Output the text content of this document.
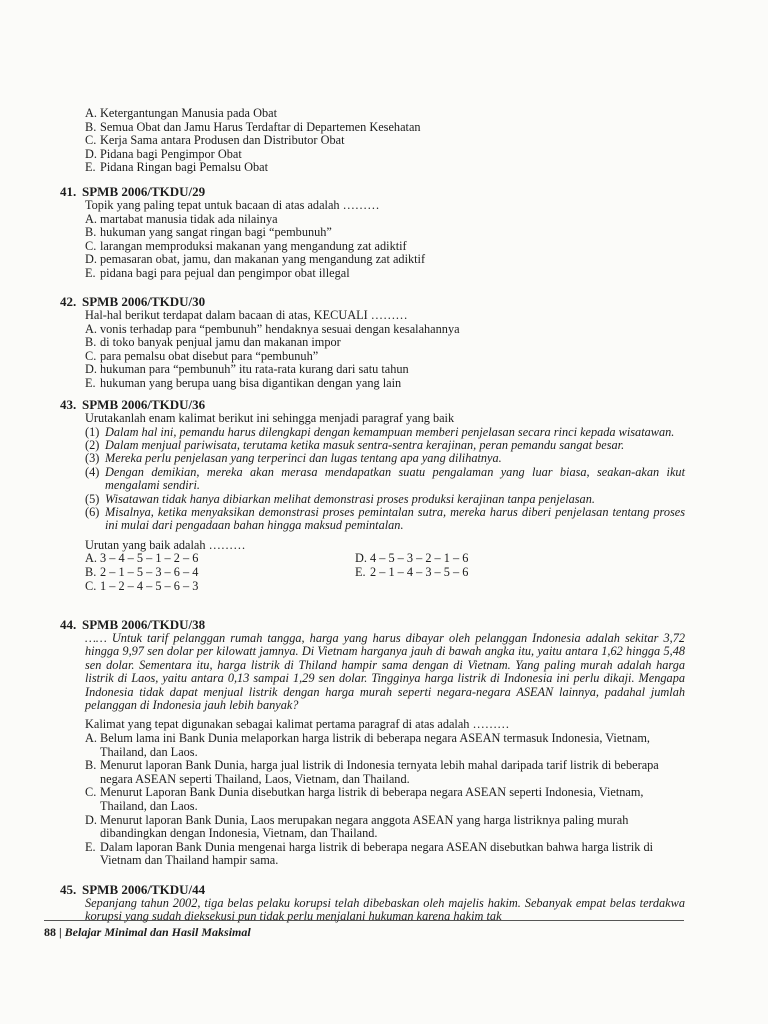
A. Ketergantungan Manusia pada Obat
B. Semua Obat dan Jamu Harus Terdaftar di Departemen Kesehatan
C. Kerja Sama antara Produsen dan Distributor Obat
D. Pidana bagi Pengimpor Obat
E. Pidana Ringan bagi Pemalsu Obat
41. SPMB 2006/TKDU/29
Topik yang paling tepat untuk bacaan di atas adalah ………
A. martabat manusia tidak ada nilainya
B. hukuman yang sangat ringan bagi “pembunuh”
C. larangan memproduksi makanan yang mengandung zat adiktif
D. pemasaran obat, jamu, dan makanan yang mengandung zat adiktif
E. pidana bagi para pejual dan pengimpor obat illegal
42. SPMB 2006/TKDU/30
Hal-hal berikut terdapat dalam bacaan di atas, KECUALI ………
A. vonis terhadap para “pembunuh” hendaknya sesuai dengan kesalahannya
B. di toko banyak penjual jamu dan makanan impor
C. para pemalsu obat disebut para “pembunuh”
D. hukuman para “pembunuh” itu rata-rata kurang dari satu tahun
E. hukuman yang berupa uang bisa digantikan dengan yang lain
43. SPMB 2006/TKDU/36
Urutakanlah enam kalimat berikut ini sehingga menjadi paragraf yang baik
(1) Dalam hal ini, pemandu harus dilengkapi dengan kemampuan memberi penjelasan secara rinci kepada wisatawan.
(2) Dalam menjual pariwisata, terutama ketika masuk sentra-sentra kerajinan, peran pemandu sangat besar.
(3) Mereka perlu penjelasan yang terperinci dan lugas tentang apa yang dilihatnya.
(4) Dengan demikian, mereka akan merasa mendapatkan suatu pengalaman yang luar biasa, seakan-akan ikut mengalami sendiri.
(5) Wisatawan tidak hanya dibiarkan melihat demonstrasi proses produksi kerajinan tanpa penjelasan.
(6) Misalnya, ketika menyaksikan demonstrasi proses pemintalan sutra, mereka harus diberi penjelasan tentang proses ini mulai dari pengadaan bahan hingga maksud pemintalan.
Urutan yang baik adalah ………
A. 3 – 4 – 5 – 1 – 2 – 6
B. 2 – 1 – 5 – 3 – 6 – 4
C. 1 – 2 – 4 – 5 – 6 – 3
D. 4 – 5 – 3 – 2 – 1 – 6
E. 2 – 1 – 4 – 3 – 5 – 6
44. SPMB 2006/TKDU/38
…… Untuk tarif pelanggan rumah tangga, harga yang harus dibayar oleh pelanggan Indonesia adalah sekitar 3,72 hingga 9,97 sen dolar per kilowatt jamnya. Di Vietnam harganya jauh di bawah angka itu, yaitu antara 1,62 hingga 5,48 sen dolar. Sementara itu, harga listrik di Thiland hampir sama dengan di Vietnam. Yang paling murah adalah harga listrik di Laos, yaitu antara 0,13 sampai 1,29 sen dolar. Tingginya harga listrik di Indonesia ini perlu dikaji. Mengapa Indonesia tidak dapat menjual listrik dengan harga murah seperti negara-negara ASEAN lainnya, padahal jumlah pelanggan di Indonesia jauh lebih banyak?
Kalimat yang tepat digunakan sebagai kalimat pertama paragraf di atas adalah ………
A. Belum lama ini Bank Dunia melaporkan harga listrik di beberapa negara ASEAN termasuk Indonesia, Vietnam, Thailand, dan Laos.
B. Menurut laporan Bank Dunia, harga jual listrik di Indonesia ternyata lebih mahal daripada tarif listrik di beberapa negara ASEAN seperti Thailand, Laos, Vietnam, dan Thailand.
C. Menurut Laporan Bank Dunia disebutkan harga listrik di beberapa negara ASEAN seperti Indonesia, Vietnam, Thailand, dan Laos.
D. Menurut laporan Bank Dunia, Laos merupakan negara anggota ASEAN yang harga listriknya paling murah dibandingkan dengan Indonesia, Vietnam, dan Thailand.
E. Dalam laporan Bank Dunia mengenai harga listrik di beberapa negara ASEAN disebutkan bahwa harga listrik di Vietnam dan Thailand hampir sama.
45. SPMB 2006/TKDU/44
Sepanjang tahun 2002, tiga belas pelaku korupsi telah dibebaskan oleh majelis hakim. Sebanyak empat belas terdakwa korupsi yang sudah dieksekusi pun tidak perlu menjalani hukuman karena hakim tak
88 | Belajar Minimal dan Hasil Maksimal
